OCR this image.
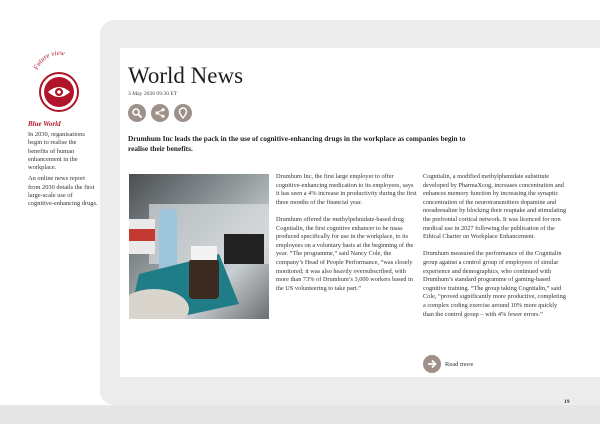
Future view
Blue World

In 2030, organisations begin to realise the benefits of human enhancement in the workplace.

An online news report from 2030 details the first large-scale use of cognitive-enhancing drugs.

World News
3 May 2030 09.30 ET
Drumhum Inc leads the pack in the use of cognitive-enhancing drugs in the workplace as companies begin to realise their benefits.

Drumhum Inc, the first large employer to offer cognitive-enhancing medication to its employees, says it has seen a 4% increase in productivity during the first three months of the financial year.

Drumhum offered the methylpehnidate-based drug Cognitalin, the first cognitive enhancer to be mass produced specifically for use in the workplace, to its employees on a voluntary basis at the beginning of the year. “The programme,” said Nancy Cole, the company’s Head of People Performance, “was closely monitored; it was also heavily oversubscribed, with more than 73% of Drumhum’s 3,000 workers based in the US volunteering to take part.”

Cognitalin, a modified methylphenidate substitute developed by PharmaXcog, increases concentration and enhances memory function by increasing the synaptic concentration of the neurotransmitters dopamine and noradrenaline by blocking their reuptake and stimulating the prefrontal cortical network. It was licenced for non medical use in 2027 following the publication of the Ethical Charter on Workplace Enhancement.

Drumhum measured the performance of the Cognitalin group against a control group of employees of similar experience and demographics, who continued with Drumhum’s standard programme of gaming-based cognitive training. “The group taking Cognitalin,” said Cole, “proved significantly more productive, completing a complex coding exercise around 10% more quickly than the control group – with 4% fewer errors.”

Read more
19
